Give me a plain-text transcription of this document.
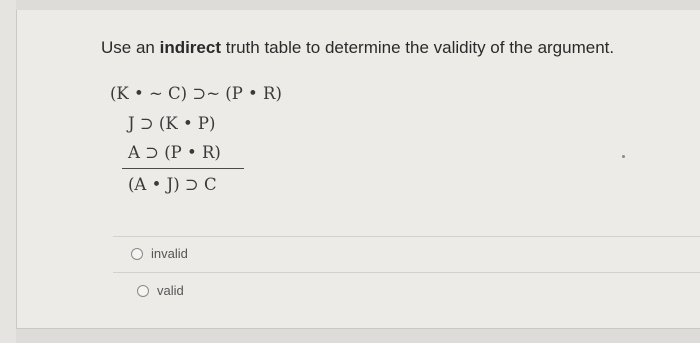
Use an indirect truth table to determine the validity of the argument.
(K • ~ C) ⊃~ (P • R)
J ⊃ (K • P)
A ⊃ (P • R)
(A • J) ⊃ C
invalid
valid
